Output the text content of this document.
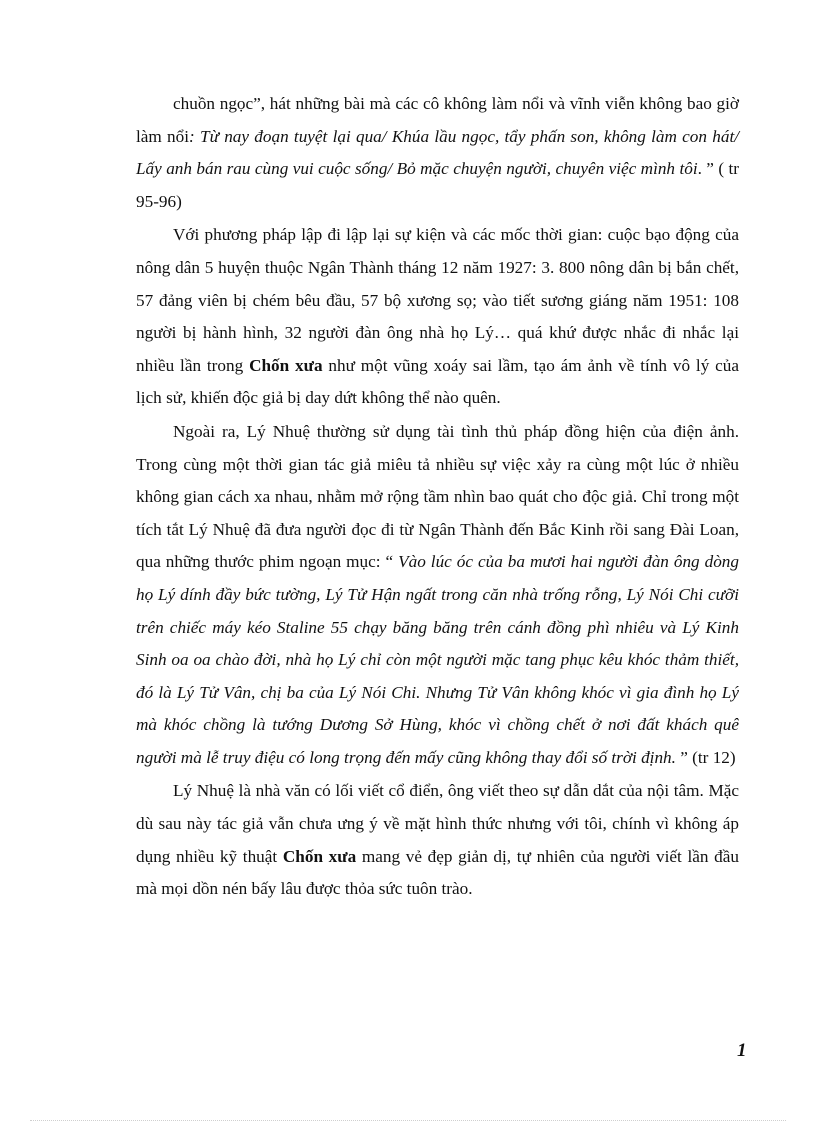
chuồn ngọc”, hát những bài mà các cô không làm nổi và vĩnh viễn không bao giờ làm nổi: Từ nay đoạn tuyệt lại qua/ Khúa lầu ngọc, tẩy phấn son, không làm con hát/ Lấy anh bán rau cùng vui cuộc sống/ Bỏ mặc chuyện người, chuyên việc mình tôi. ” ( tr 95-96)

Với phương pháp lập đi lập lại sự kiện và các mốc thời gian: cuộc bạo động của nông dân 5 huyện thuộc Ngân Thành tháng 12 năm 1927: 3. 800 nông dân bị bắn chết, 57 đảng viên bị chém bêu đầu, 57 bộ xương sọ; vào tiết sương giáng năm 1951: 108 người bị hành hình, 32 người đàn ông nhà họ Lý… quá khứ được nhắc đi nhắc lại nhiều lần trong Chốn xưa như một vũng xoáy sai lầm, tạo ám ảnh về tính vô lý của lịch sử, khiến độc giả bị day dứt không thể nào quên.

Ngoài ra, Lý Nhuệ thường sử dụng tài tình thủ pháp đồng hiện của điện ảnh. Trong cùng một thời gian tác giả miêu tả nhiều sự việc xảy ra cùng một lúc ở nhiều không gian cách xa nhau, nhằm mở rộng tầm nhìn bao quát cho độc giả. Chỉ trong một tích tắt Lý Nhuệ đã đưa người đọc đi từ Ngân Thành đến Bắc Kinh rồi sang Đài Loan, qua những thước phim ngoạn mục: “ Vào lúc óc của ba mươi hai người đàn ông dòng họ Lý dính đầy bức tường, Lý Tử Hận ngất trong căn nhà trống rỗng, Lý Nói Chi cưỡi trên chiếc máy kéo Staline 55 chạy băng băng trên cánh đồng phì nhiêu và Lý Kinh Sinh oa oa chào đời, nhà họ Lý chỉ còn một người mặc tang phục kêu khóc thảm thiết, đó là Lý Tử Vân, chị ba của Lý Nói Chi. Nhưng Tử Vân không khóc vì gia đình họ Lý mà khóc chồng là tướng Dương Sở Hùng, khóc vì chồng chết ở nơi đất khách quê người mà lễ truy điệu có long trọng đến mấy cũng không thay đổi số trời định. ” (tr 12)

Lý Nhuệ là nhà văn có lối viết cổ điển, ông viết theo sự dẫn dắt của nội tâm. Mặc dù sau này tác giả vẫn chưa ưng ý về mặt hình thức nhưng với tôi, chính vì không áp dụng nhiều kỹ thuật Chốn xưa mang vẻ đẹp giản dị, tự nhiên của người viết lần đầu mà mọi dồn nén bấy lâu được thỏa sức tuôn trào.

1
